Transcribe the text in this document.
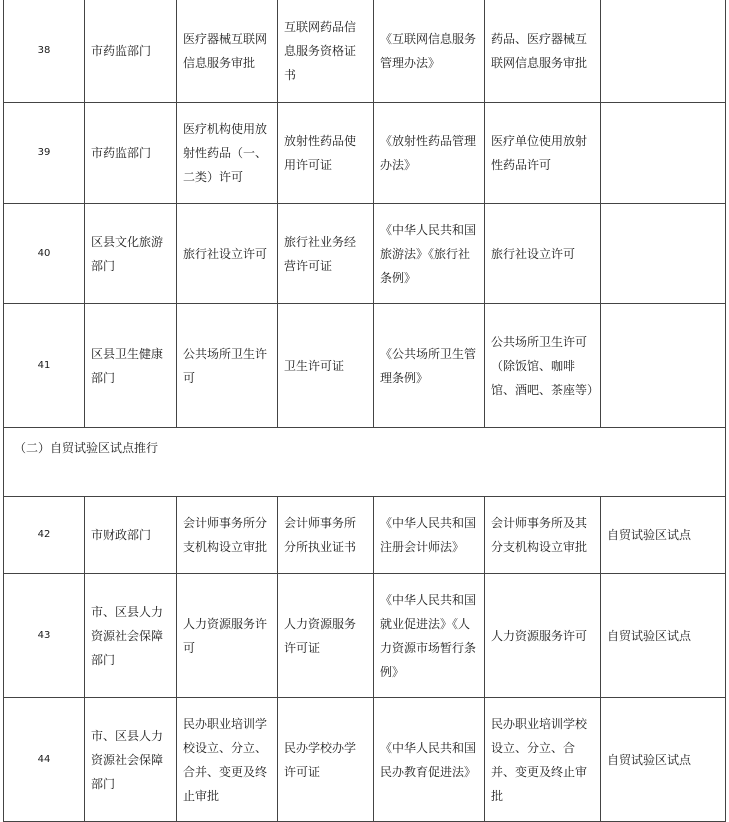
38	市药监部门	医疗器械互联网信息服务审批	互联网药品信息服务资格证书	《互联网信息服务管理办法》	药品、医疗器械互联网信息服务审批	
39	市药监部门	医疗机构使用放射性药品（一、二类）许可	放射性药品使用许可证	《放射性药品管理办法》	医疗单位使用放射性药品许可	
40	区县文化旅游部门	旅行社设立许可	旅行社业务经营许可证	《中华人民共和国旅游法》《旅行社条例》	旅行社设立许可	
41	区县卫生健康部门	公共场所卫生许可	卫生许可证	《公共场所卫生管理条例》	公共场所卫生许可（除饭馆、咖啡馆、酒吧、茶座等）	
（二）自贸试验区试点推行						
42	市财政部门	会计师事务所分支机构设立审批	会计师事务所分所执业证书	《中华人民共和国注册会计师法》	会计师事务所及其分支机构设立审批	自贸试验区试点
43	市、区县人力资源社会保障部门	人力资源服务许可	人力资源服务许可证	《中华人民共和国就业促进法》《人力资源市场暂行条例》	人力资源服务许可	自贸试验区试点
44	市、区县人力资源社会保障部门	民办职业培训学校设立、分立、合并、变更及终止审批	民办学校办学许可证	《中华人民共和国民办教育促进法》	民办职业培训学校设立、分立、合并、变更及终止审批	自贸试验区试点
